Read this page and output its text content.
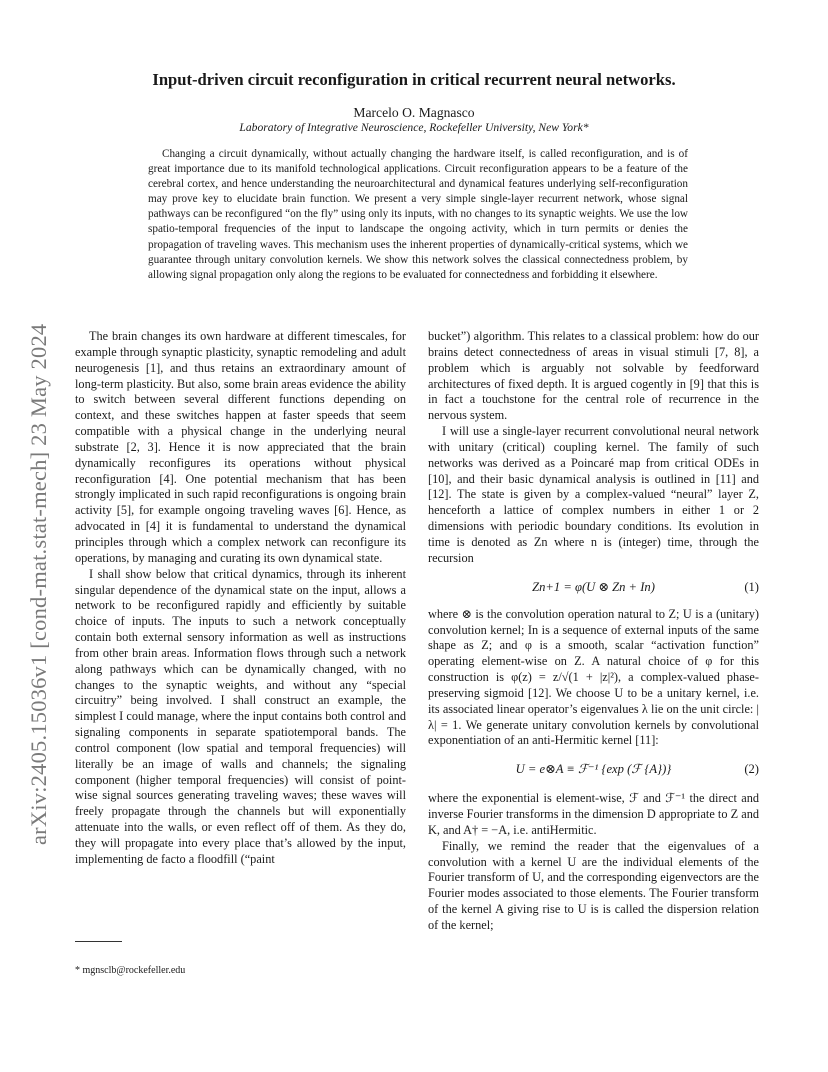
arXiv:2405.15036v1 [cond-mat.stat-mech] 23 May 2024
Input-driven circuit reconfiguration in critical recurrent neural networks.
Marcelo O. Magnasco
Laboratory of Integrative Neuroscience, Rockefeller University, New York*

Changing a circuit dynamically, without actually changing the hardware itself, is called reconfiguration, and is of great importance due to its manifold technological applications. Circuit reconfiguration appears to be a feature of the cerebral cortex, and hence understanding the neuroarchitectural and dynamical features underlying self-reconfiguration may prove key to elucidate brain function. We present a very simple single-layer recurrent network, whose signal pathways can be reconfigured “on the fly” using only its inputs, with no changes to its synaptic weights. We use the low spatio-temporal frequencies of the input to landscape the ongoing activity, which in turn permits or denies the propagation of traveling waves. This mechanism uses the inherent properties of dynamically-critical systems, which we guarantee through unitary convolution kernels. We show this network solves the classical connectedness problem, by allowing signal propagation only along the regions to be evaluated for connectedness and forbidding it elsewhere.

The brain changes its own hardware at different timescales, for example through synaptic plasticity, synaptic remodeling and adult neurogenesis [1], and thus retains an extraordinary amount of long-term plasticity. But also, some brain areas evidence the ability to switch between several different functions depending on context, and these switches happen at faster speeds that seem compatible with a physical change in the underlying neural substrate [2, 3]. Hence it is now appreciated that the brain dynamically reconfigures its operations without physical reconfiguration [4]. One potential mechanism that has been strongly implicated in such rapid reconfigurations is ongoing brain activity [5], for example ongoing traveling waves [6]. Hence, as advocated in [4] it is fundamental to understand the dynamical principles through which a complex network can reconfigure its operations, by managing and curating its own dynamical state.

I shall show below that critical dynamics, through its inherent singular dependence of the dynamical state on the input, allows a network to be reconfigured rapidly and efficiently by suitable choice of inputs. The inputs to such a network conceptually contain both external sensory information as well as instructions from other brain areas. Information flows through such a network along pathways which can be dynamically changed, with no changes to the synaptic weights, and without any “special circuitry” being involved. I shall construct an example, the simplest I could manage, where the input contains both control and signaling components in separate spatiotemporal bands. The control component (low spatial and temporal frequencies) will literally be an image of walls and channels; the signaling component (higher temporal frequencies) will consist of point-wise signal sources generating traveling waves; these waves will freely propagate through the channels but will exponentially attenuate into the walls, or even reflect off of them. As they do, they will propagate into every place that’s allowed by the input, implementing de facto a floodfill (“paint

bucket”) algorithm. This relates to a classical problem: how do our brains detect connectedness of areas in visual stimuli [7, 8], a problem which is arguably not solvable by feedforward architectures of fixed depth. It is argued cogently in [9] that this is in fact a touchstone for the central role of recurrence in the nervous system.

I will use a single-layer recurrent convolutional neural network with unitary (critical) coupling kernel. The family of such networks was derived as a Poincaré map from critical ODEs in [10], and their basic dynamical analysis is outlined in [11] and [12]. The state is given by a complex-valued “neural” layer Z, henceforth a lattice of complex numbers in either 1 or 2 dimensions with periodic boundary conditions. Its evolution in time is denoted as Zn where n is (integer) time, through the recursion

Zn+1 = φ(U ⊗ Zn + In)	(1)

where ⊗ is the convolution operation natural to Z; U is a (unitary) convolution kernel; In is a sequence of external inputs of the same shape as Z; and φ is a smooth, scalar “activation function” operating element-wise on Z. A natural choice of φ for this construction is φ(z) = z/√(1 + |z|²), a complex-valued phase-preserving sigmoid [12]. We choose U to be a unitary kernel, i.e. its associated linear operator’s eigenvalues λ lie on the unit circle: |λ| = 1. We generate unitary convolution kernels by convolutional exponentiation of an anti-Hermitic kernel [11]:

U = e⊗A ≡ ℱ⁻¹ {exp (ℱ {A})}	(2)

where the exponential is element-wise, ℱ and ℱ⁻¹ the direct and inverse Fourier transforms in the dimension D appropriate to Z and K, and A† = −A, i.e. antiHermitic.

Finally, we remind the reader that the eigenvalues of a convolution with a kernel U are the individual elements of the Fourier transform of U, and the corresponding eigenvectors are the Fourier modes associated to those elements. The Fourier transform of the kernel A giving rise to U is is called the dispersion relation of the kernel;

* mgnsclb@rockefeller.edu
